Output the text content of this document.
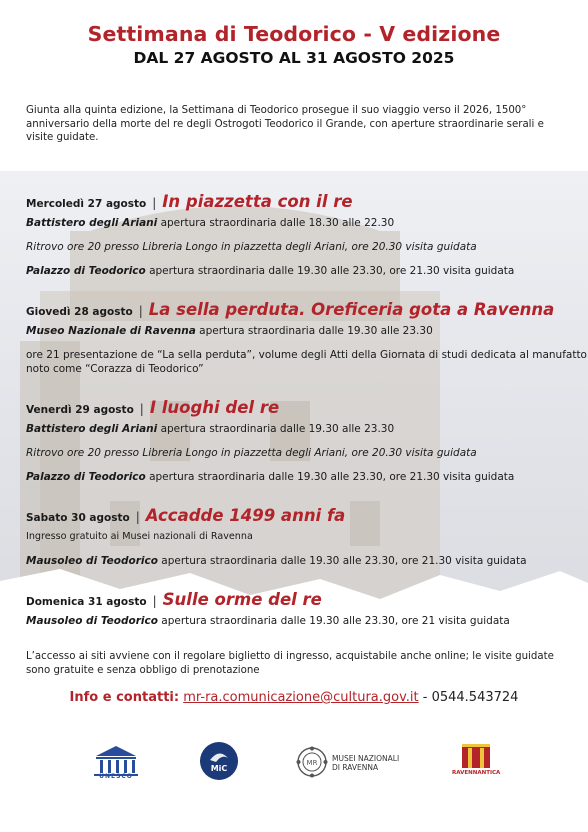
Settimana di Teodorico - V edizione
DAL 27 AGOSTO AL 31 AGOSTO 2025
Giunta alla quinta edizione, la Settimana di Teodorico prosegue il suo viaggio verso il 2026, 1500° anniversario della morte del re degli Ostrogoti Teodorico il Grande, con aperture straordinarie serali e visite guidate.
Mercoledì 27 agosto | In piazzetta con il re
Battistero degli Ariani apertura straordinaria dalle 18.30 alle 22.30
Ritrovo ore 20 presso Libreria Longo in piazzetta degli Ariani, ore 20.30 visita guidata
Palazzo di Teodorico apertura straordinaria dalle 19.30 alle 23.30, ore 21.30 visita guidata
Giovedì 28 agosto | La sella perduta. Oreficeria gota a Ravenna
Museo Nazionale di Ravenna apertura straordinaria dalle 19.30 alle 23.30
ore 21 presentazione de “La sella perduta”, volume degli Atti della Giornata di studi dedicata al manufatto noto come “Corazza di Teodorico”
Venerdì 29 agosto | I luoghi del re
Battistero degli Ariani apertura straordinaria dalle 19.30 alle 23.30
Ritrovo ore 20 presso Libreria Longo in piazzetta degli Ariani, ore 20.30 visita guidata
Palazzo di Teodorico apertura straordinaria dalle 19.30 alle 23.30, ore 21.30 visita guidata
Sabato 30 agosto | Accadde 1499 anni fa
Ingresso gratuito ai Musei nazionali di Ravenna
Mausoleo di Teodorico apertura straordinaria dalle 19.30 alle 23.30, ore 21.30 visita guidata
Domenica 31 agosto | Sulle orme del re
Mausoleo di Teodorico apertura straordinaria dalle 19.30 alle 23.30, ore 21 visita guidata
L’accesso ai siti avviene con il regolare biglietto di ingresso, acquistabile anche online; le visite guidate sono gratuite e senza obbligo di prenotazione
Info e contatti: mr-ra.comunicazione@cultura.gov.it - 0544.543724
UNESCO
MiC
MR MUSEI NAZIONALI
DI RAVENNA
RAVENNANTICA
